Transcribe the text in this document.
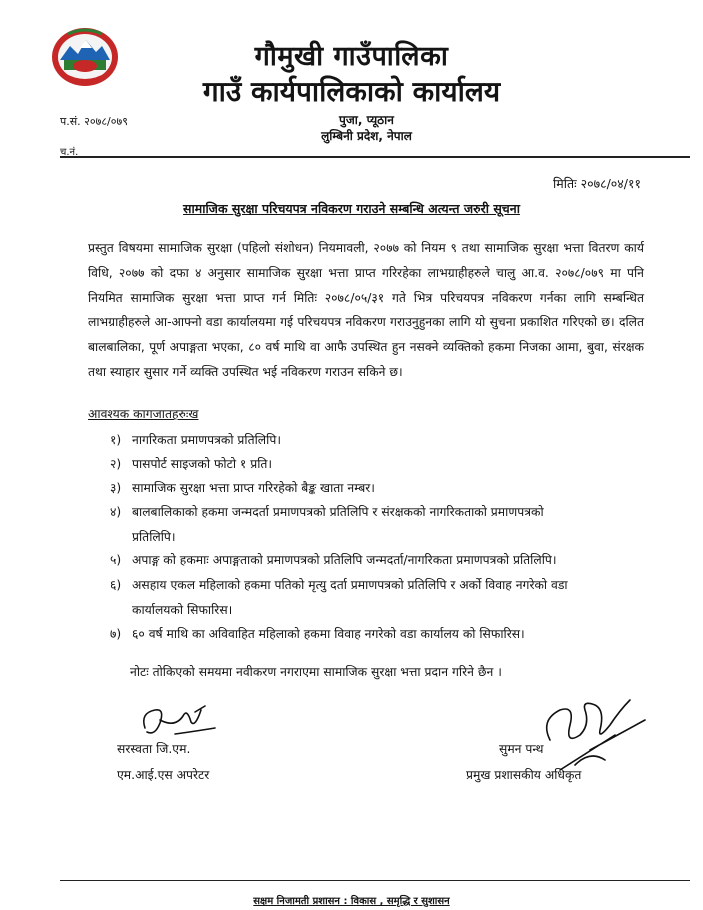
गौमुखी गाउँपालिका
गाउँ कार्यपालिकाको कार्यालय
पुजा, प्यूठान
लुम्बिनी प्रदेश, नेपाल
प.सं. २०७८/०७९
च.नं.
मितिः २०७८/०४/११
सामाजिक सुरक्षा परिचयपत्र नविकरण गराउने सम्बन्धि अत्यन्त जरुरी सूचना
प्रस्तुत विषयमा सामाजिक सुरक्षा (पहिलो संशोधन) नियमावली, २०७७ को नियम ९ तथा सामाजिक सुरक्षा भत्ता वितरण कार्य विधि, २०७७ को दफा ४ अनुसार सामाजिक सुरक्षा भत्ता प्राप्त गरिरहेका लाभग्राहीहरुले चालु आ.व. २०७८/०७९ मा पनि नियमित सामाजिक सुरक्षा भत्ता प्राप्त गर्न मितिः २०७८/०५/३१ गते भित्र परिचयपत्र नविकरण गर्नका लागि सम्बन्धित लाभग्राहीहरुले आ-आफ्नो वडा कार्यालयमा गई परिचयपत्र नविकरण गराउनुहुनका लागि यो सुचना प्रकाशित गरिएको छ। दलित बालबालिका, पूर्ण अपाङ्गता भएका, ८० वर्ष माथि वा आफै उपस्थित हुन नसक्ने व्यक्तिको हकमा निजका आमा, बुवा, संरक्षक तथा स्याहार सुसार गर्ने व्यक्ति उपस्थित भई नविकरण गराउन सकिने छ।
आवश्यक कागजातहरुःख
१) नागरिकता प्रमाणपत्रको प्रतिलिपि।
२) पासपोर्ट साइजको फोटो १ प्रति।
३) सामाजिक सुरक्षा भत्ता प्राप्त गरिरहेको बैङ्क खाता नम्बर।
४) बालबालिकाको हकमा जन्मदर्ता प्रमाणपत्रको प्रतिलिपि र संरक्षकको नागरिकताको प्रमाणपत्रको
प्रतिलिपि।
५) अपाङ्ग को हकमाः अपाङ्गताको प्रमाणपत्रको प्रतिलिपि जन्मदर्ता/नागरिकता प्रमाणपत्रको प्रतिलिपि।
६) असहाय एकल महिलाको हकमा पतिको मृत्यु दर्ता प्रमाणपत्रको प्रतिलिपि र अर्को विवाह नगरेको वडा
कार्यालयको सिफारिस।
७) ६० वर्ष माथि का अविवाहित महिलाको हकमा विवाह नगरेको वडा कार्यालय को सिफारिस।
नोटः तोकिएको समयमा नवीकरण नगराएमा सामाजिक सुरक्षा भत्ता प्रदान गरिने छैन ।
सरस्वता जि.एम.
एम.आई.एस अपरेटर
सुमन पन्थ
प्रमुख प्रशासकीय अधिकृत
सक्षम निजामती प्रशासन : विकास , समृद्धि र सुशासन
